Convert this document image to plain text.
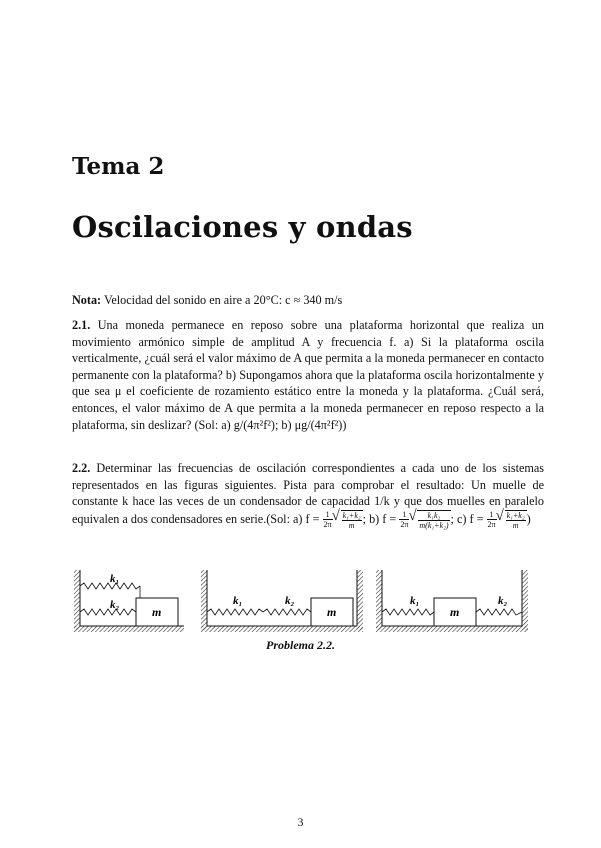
Tema 2
Oscilaciones y ondas
Nota: Velocidad del sonido en aire a 20°C: c ≈ 340 m/s
2.1. Una moneda permanece en reposo sobre una plataforma horizontal que realiza un movimiento armónico simple de amplitud A y frecuencia f. a) Si la plataforma oscila verticalmente, ¿cuál será el valor máximo de A que permita a la moneda permanecer en contacto permanente con la plataforma? b) Supongamos ahora que la plataforma oscila horizontalmente y que sea μ el coeficiente de rozamiento estático entre la moneda y la plataforma. ¿Cuál será, entonces, el valor máximo de A que permita a la moneda permanecer en reposo respecto a la plataforma, sin deslizar? (Sol: a) g/(4π²f²); b) μg/(4π²f²))
2.2. Determinar las frecuencias de oscilación correspondientes a cada uno de los sistemas representados en las figuras siguientes. Pista para comprobar el resultado: Un muelle de constante k hace las veces de un condensador de capacidad 1/k y que dos muelles en paralelo equivalen a dos condensadores en serie.(Sol: a) $f = \frac{1}{2\pi}$ √ $\frac{\text{k₁+k₂}}{m}$ ; b) $f = \frac{1}{2\pi}$ √ $\frac{\text{k₁k₂}}{\text{m(k₁+k₂)}}$ ; c) $f = \frac{1}{2\pi}$ √ $\frac{\text{k₁+k₂}}{m}$ )
k₁
k₂	m
k₁	k₂
m
k₁	k₂
m
Problema 2.2.
3
